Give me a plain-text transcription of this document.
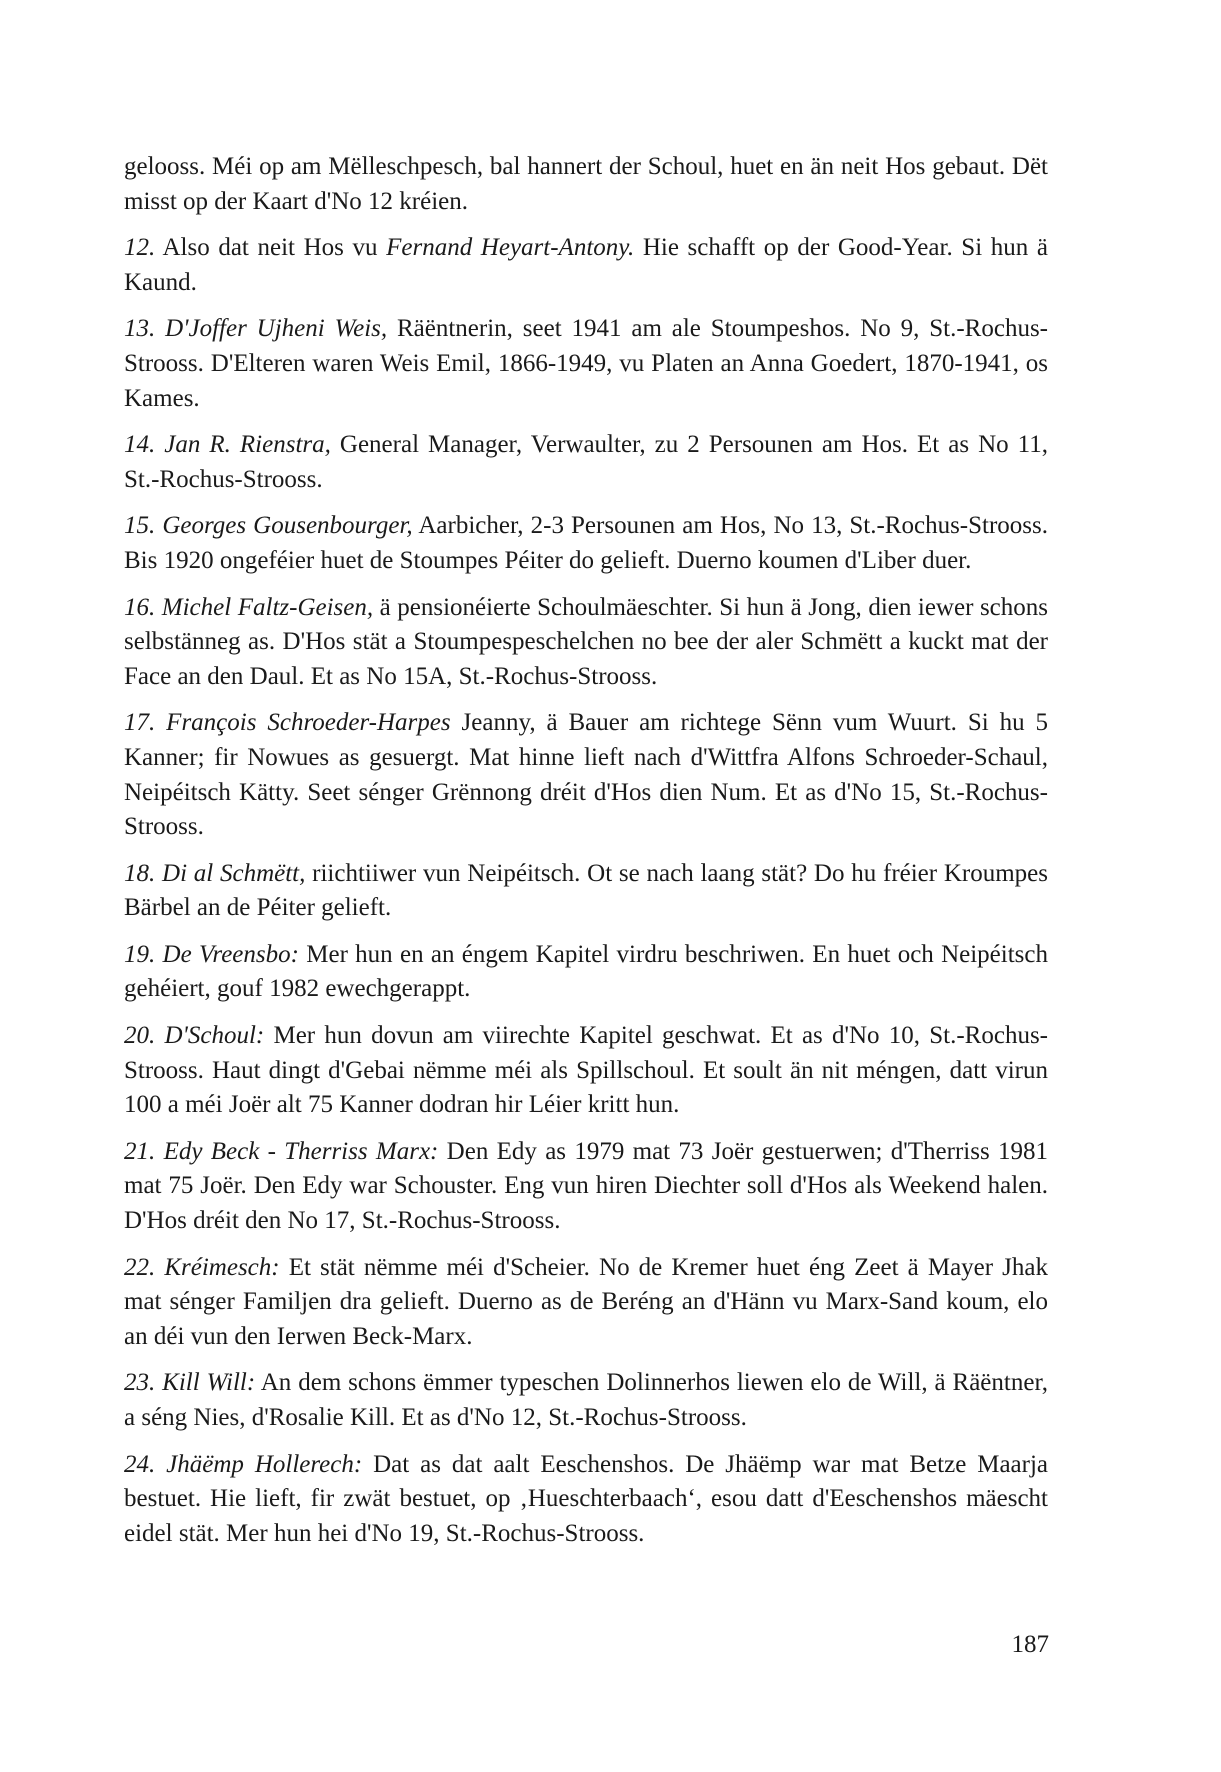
gelooss. Méi op am Mëlleschpesch, bal hannert der Schoul, huet en än neit Hos gebaut. Dët misst op der Kaart d'No 12 kréien.

12. Also dat neit Hos vu Fernand Heyart-Antony. Hie schafft op der Good-Year. Si hun ä Kaund.

13. D'Joffer Ujheni Weis, Räëntnerin, seet 1941 am ale Stoumpeshos. No 9, St.-Rochus-Strooss. D'Elteren waren Weis Emil, 1866-1949, vu Platen an Anna Goedert, 1870-1941, os Kames.

14. Jan R. Rienstra, General Manager, Verwaulter, zu 2 Persounen am Hos. Et as No 11, St.-Rochus-Strooss.

15. Georges Gousenbourger, Aarbicher, 2-3 Persounen am Hos, No 13, St.-Rochus-Strooss. Bis 1920 ongeféier huet de Stoumpes Péiter do gelieft. Duerno koumen d'Liber duer.

16. Michel Faltz-Geisen, ä pensionéierte Schoulmäeschter. Si hun ä Jong, dien iewer schons selbstänneg as. D'Hos stät a Stoumpespeschelchen no bee der aler Schmëtt a kuckt mat der Face an den Daul. Et as No 15A, St.-Rochus-Strooss.

17. François Schroeder-Harpes Jeanny, ä Bauer am richtege Sënn vum Wuurt. Si hu 5 Kanner; fir Nowues as gesuergt. Mat hinne lieft nach d'Wittfra Alfons Schroeder-Schaul, Neipéitsch Kätty. Seet sénger Grënnong dréit d'Hos dien Num. Et as d'No 15, St.-Rochus-Strooss.

18. Di al Schmëtt, riichtiiwer vun Neipéitsch. Ot se nach laang stät? Do hu fréier Kroumpes Bärbel an de Péiter gelieft.

19. De Vreensbo: Mer hun en an éngem Kapitel virdru beschriwen. En huet och Neipéitsch gehéiert, gouf 1982 ewechgerappt.

20. D'Schoul: Mer hun dovun am viirechte Kapitel geschwat. Et as d'No 10, St.-Rochus-Strooss. Haut dingt d'Gebai nëmme méi als Spillschoul. Et soult än nit méngen, datt virun 100 a méi Joër alt 75 Kanner dodran hir Léier kritt hun.

21. Edy Beck - Therriss Marx: Den Edy as 1979 mat 73 Joër gestuerwen; d'Therriss 1981 mat 75 Joër. Den Edy war Schouster. Eng vun hiren Diechter soll d'Hos als Weekend halen. D'Hos dréit den No 17, St.-Rochus-Strooss.

22. Kréimesch: Et stät nëmme méi d'Scheier. No de Kremer huet éng Zeet ä Mayer Jhak mat sénger Familjen dra gelieft. Duerno as de Beréng an d'Hänn vu Marx-Sand koum, elo an déi vun den Ierwen Beck-Marx.

23. Kill Will: An dem schons ëmmer typeschen Dolinnerhos liewen elo de Will, ä Räëntner, a séng Nies, d'Rosalie Kill. Et as d'No 12, St.-Rochus-Strooss.

24. Jhäëmp Hollerech: Dat as dat aalt Eeschenshos. De Jhäëmp war mat Betze Maarja bestuet. Hie lieft, fir zwät bestuet, op ‚Hueschterbaach‘, esou datt d'Eeschenshos mäescht eidel stät. Mer hun hei d'No 19, St.-Rochus-Strooss.

187
